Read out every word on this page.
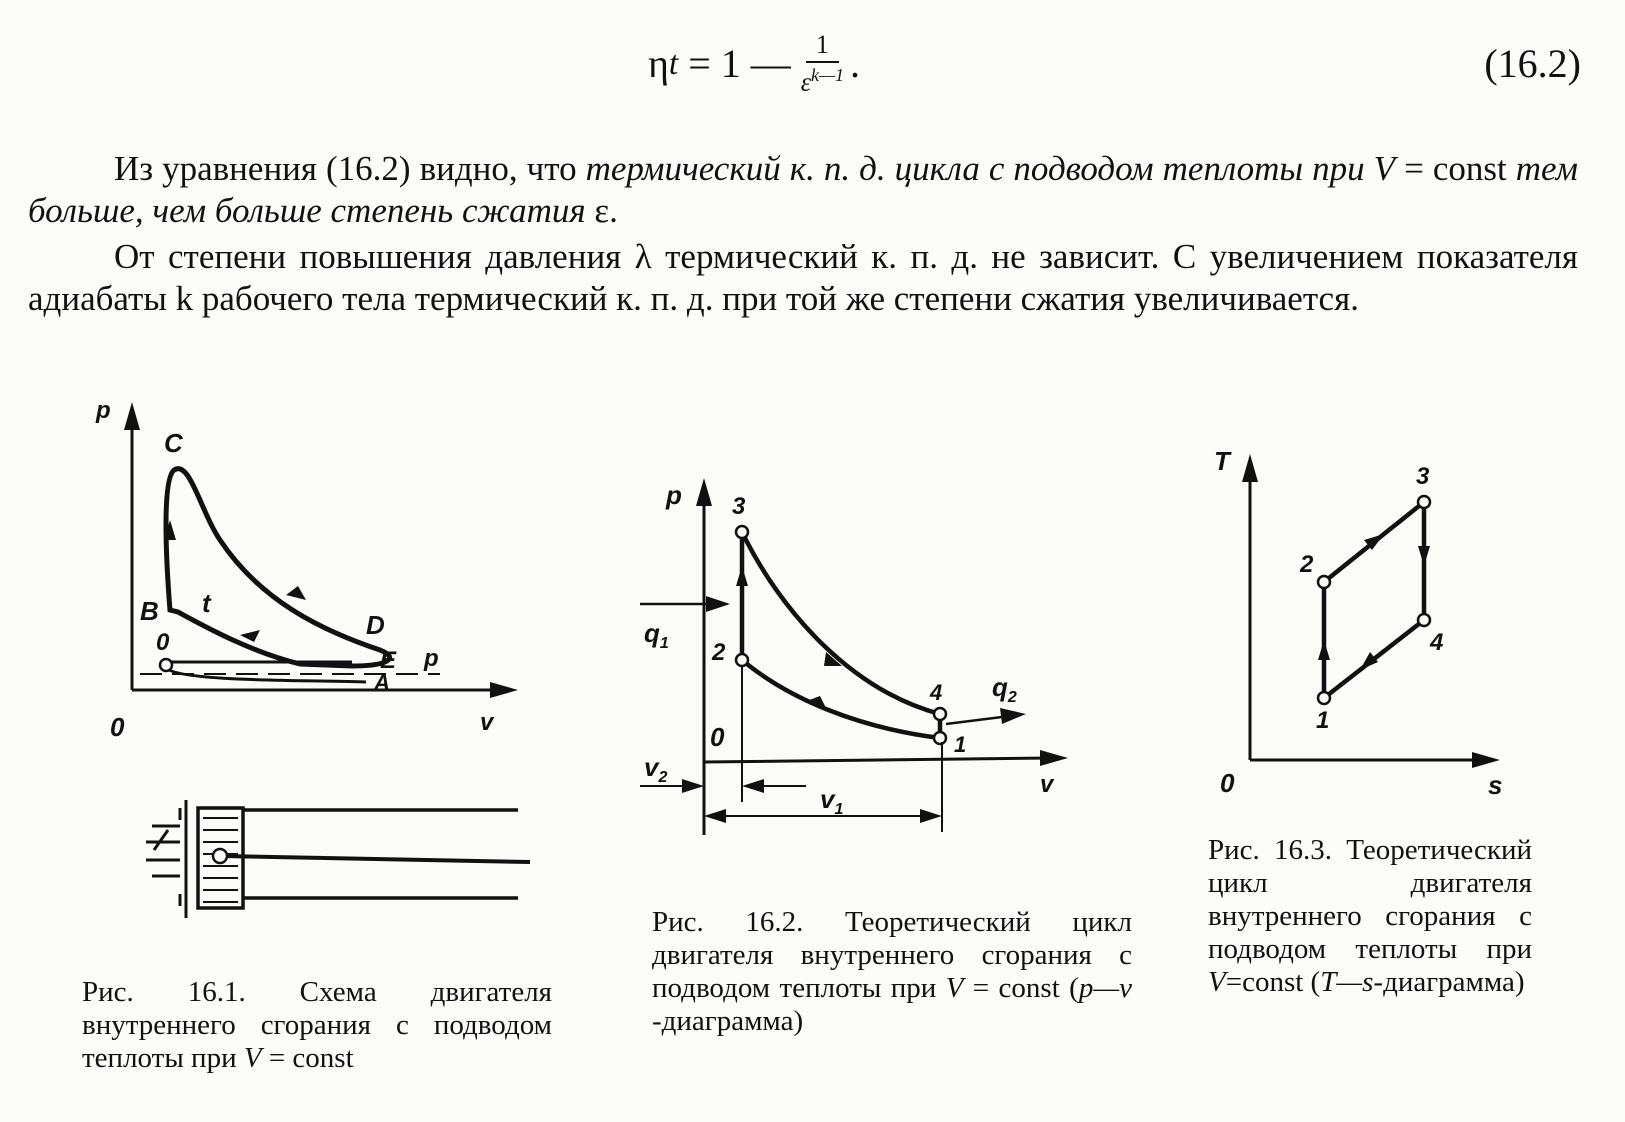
η t = 1 — $\frac{1}{\varepsilon^{k—1}}$ .	(16.2)

Из уравнения (16.2) видно, что термический к. п. д. цикла с подводом теплоты при V = const тем больше, чем больше степень сжатия ε.

От степени повышения давления λ термический к. п. д. не зависит. С увеличением показателя адиабаты k рабочего тела термический к. п. д. при той же степени сжатия увеличивается.

p
v
0
C
B t
0
D
E p
A
p
v
0
3
2
4
1
$q_1$
$q_2$
$v_1$
$v_2$
T
s
0
1
2
3
4
Рис. 16.1. Схема двигателя внутреннего сгорания с подводом теплоты при V = const
Рис. 16.2. Теоретический цикл двигателя внутреннего сгорания с подводом теплоты при V = const (p—v -диаграмма)
Рис. 16.3. Теоретический цикл двигателя внутреннего сгорания с подводом теплоты при V=const (T—s-диаграмма)
